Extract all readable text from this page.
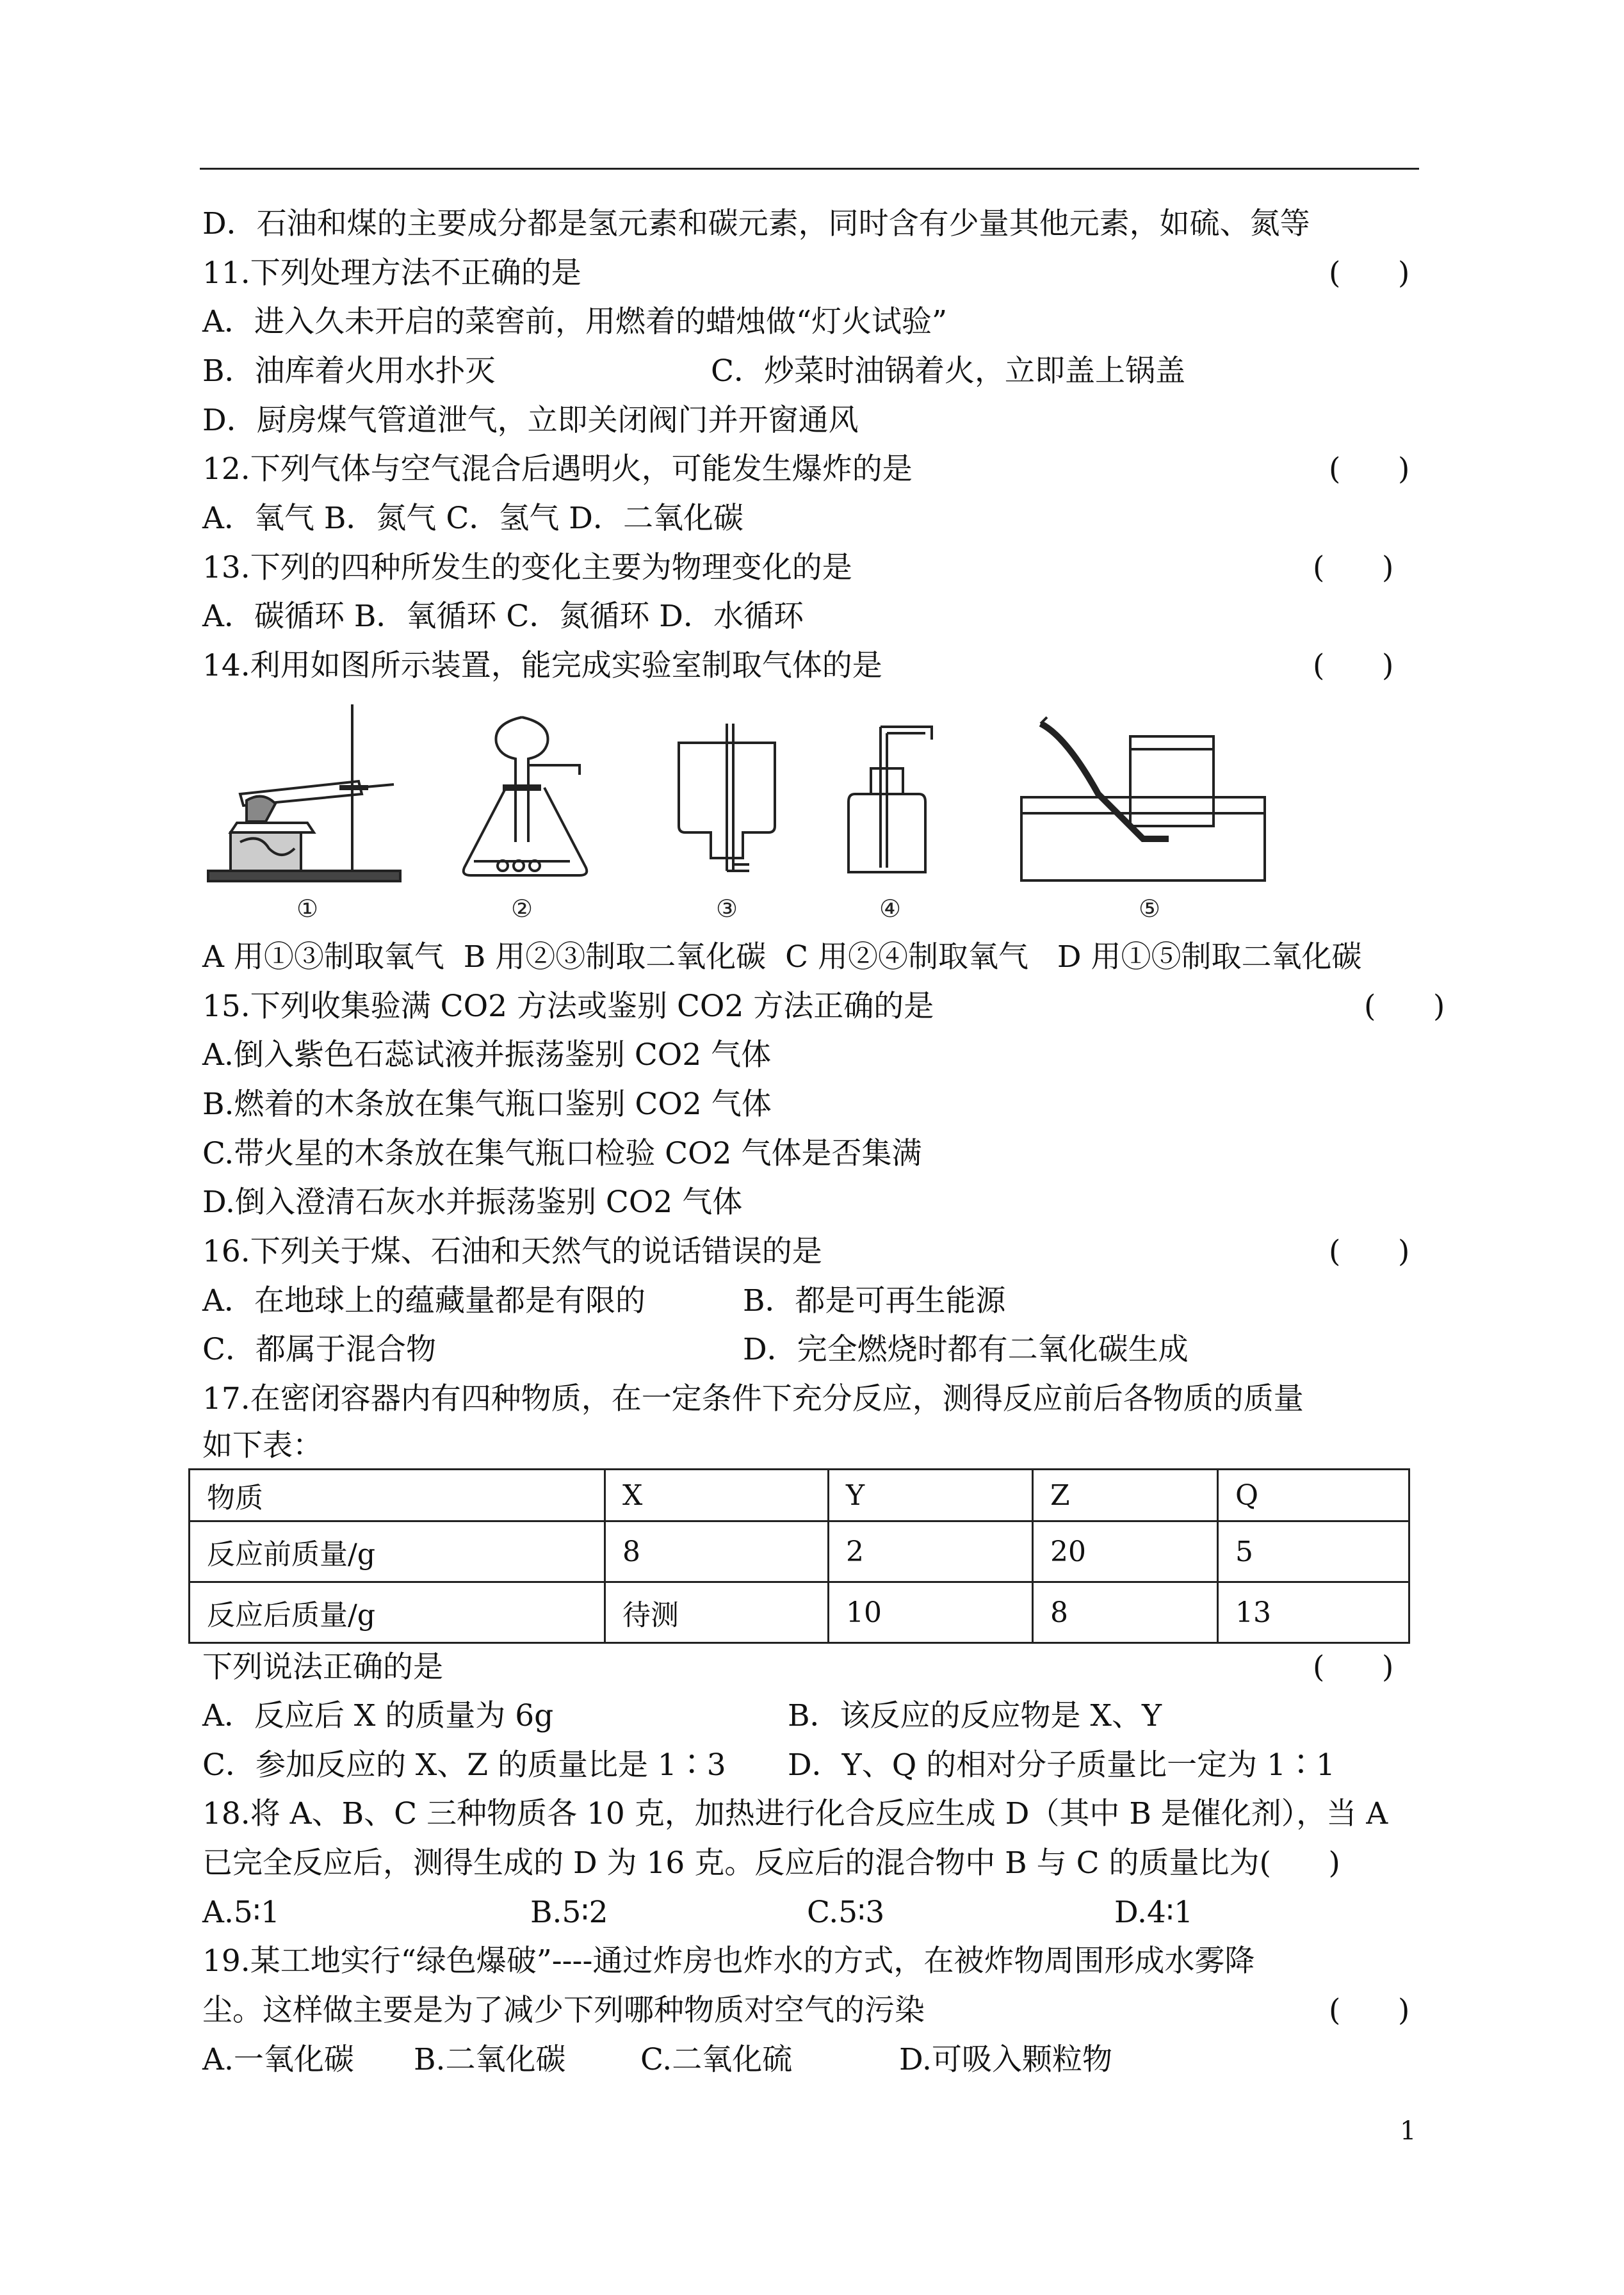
D．石油和煤的主要成分都是氢元素和碳元素，同时含有少量其他元素，如硫、氮等
11.下列处理方法不正确的是	(      )
A．进入久未开启的菜窖前，用燃着的蜡烛做“灯火试验”
B．油库着火用水扑灭	C．炒菜时油锅着火，立即盖上锅盖
D．厨房煤气管道泄气，立即关闭阀门并开窗通风
12.下列气体与空气混合后遇明火，可能发生爆炸的是	(      )
A．氧气 B．氮气 C．氢气 D．二氧化碳
13.下列的四种所发生的变化主要为物理变化的是	(      )
A．碳循环 B．氧循环 C．氮循环 D．水循环
14.利用如图所示装置，能完成实验室制取气体的是	(      )
①	②	③	④	⑤
A 用①③制取氧气  B 用②③制取二氧化碳  C 用②④制取氧气   D 用①⑤制取二氧化碳
15.下列收集验满 CO2 方法或鉴别 CO2 方法正确的是	(      )
A.倒入紫色石蕊试液并振荡鉴别 CO2 气体
B.燃着的木条放在集气瓶口鉴别 CO2 气体
C.带火星的木条放在集气瓶口检验 CO2 气体是否集满
D.倒入澄清石灰水并振荡鉴别 CO2 气体
16.下列关于煤、石油和天然气的说话错误的是	(      )
A．在地球上的蕴藏量都是有限的	B．都是可再生能源
C．都属于混合物	D．完全燃烧时都有二氧化碳生成
17.在密闭容器内有四种物质，在一定条件下充分反应，测得反应前后各物质的质量
如下表：
物质	X	Y	Z	Q
反应前质量/g	8	2	20	5
反应后质量/g	待测	10	8	13
下列说法正确的是	(      )
A．反应后 X 的质量为 6g	B．该反应的反应物是 X、Y
C．参加反应的 X、Z 的质量比是 1∶3 D．Y、Q 的相对分子质量比一定为 1∶1
18.将 A、B、C 三种物质各 10 克，加热进行化合反应生成 D（其中 B 是催化剂），当 A
已完全反应后，测得生成的 D 为 16 克。反应后的混合物中 B 与 C 的质量比为(      )
A.5∶1	B.5∶2	C.5∶3	D.4∶1
19.某工地实行“绿色爆破”----通过炸房也炸水的方式，在被炸物周围形成水雾降
尘。这样做主要是为了减少下列哪种物质对空气的污染	(      )
A.一氧化碳 B.二氧化碳 C.二氧化硫	D.可吸入颗粒物
1
